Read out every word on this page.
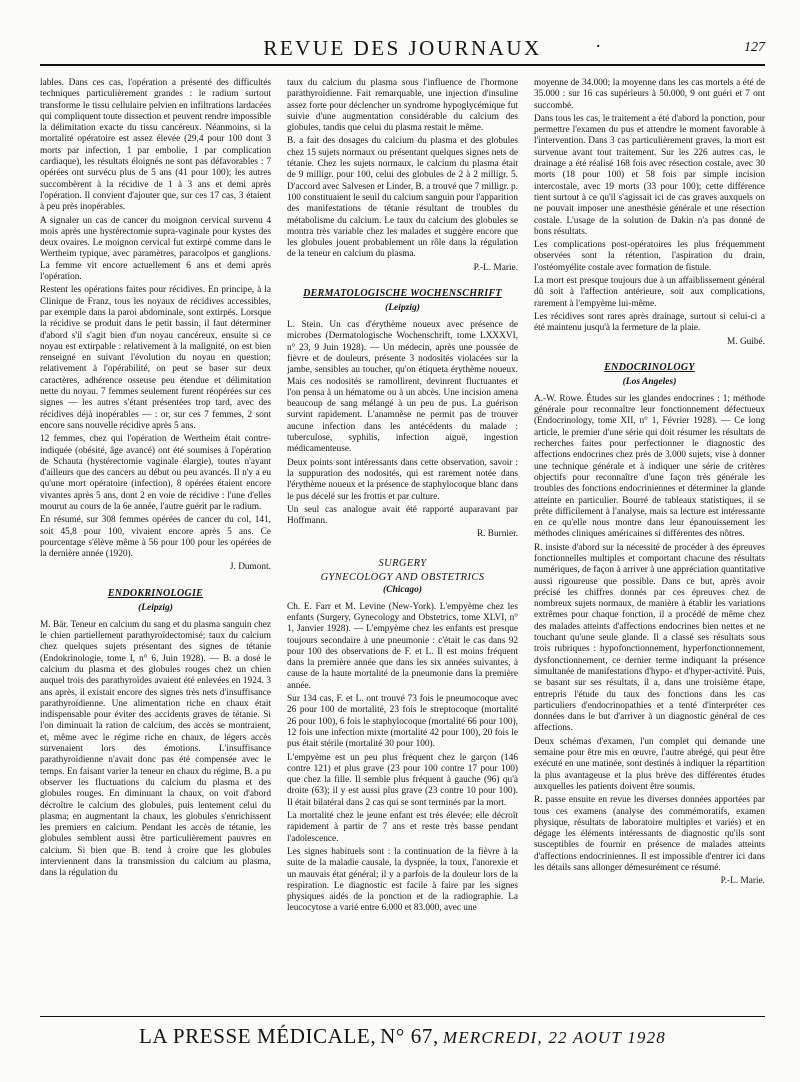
REVUE DES JOURNAUX	·	127

lables. Dans ces cas, l'opération a présenté des difficultés techniques particulièrement grandes : le radium surtout transforme le tissu cellulaire pelvien en infiltrations lardacées qui compliquent toute dissection et peuvent rendre impossible la délimitation exacte du tissu cancéreux. Néanmoins, si la mortalité opératoire est assez élevée (29,4 pour 100 dont 3 morts par infection, 1 par embolie, 1 par complication cardiaque), les résultats éloignés ne sont pas défavorables : 7 opérées ont survécu plus de 5 ans (41 pour 100); les autres succombèrent à la récidive de 1 à 3 ans et demi après l'opération. Il convient d'ajouter que, sur ces 17 cas, 3 étaient à peu près inopérables.

A signaler un cas de cancer du moignon cervical survenu 4 mois après une hystérectomie supra-vaginale pour kystes des deux ovaires. Le moignon cervical fut extirpé comme dans le Wertheim typique, avec paramètres, paracolpos et ganglions. La femme vit encore actuellement 6 ans et demi après l'opération.

Restent les opérations faites pour récidives. En principe, à la Clinique de Franz, tous les noyaux de récidives accessibles, par exemple dans la paroi abdominale, sont extirpés. Lorsque la récidive se produit dans le petit bassin, il faut déterminer d'abord s'il s'agit bien d'un noyau cancéreux, ensuite si ce noyau est extirpable : relativement à la malignité, on est bien renseigné en suivant l'évolution du noyau en question; relativement à l'opérabilité, on peut se baser sur deux caractères, adhérence osseuse peu étendue et délimitation nette du noyau. 7 femmes seulement furent réopérées sur ces signes — les autres s'étant présentées trop tard, avec des récidives déjà inopérables — : or, sur ces 7 femmes, 2 sont encore sans nouvelle récidive après 5 ans.

12 femmes, chez qui l'opération de Wertheim était contre-indiquée (obésité, âge avancé) ont été soumises à l'opération de Schauta (hystérectomie vaginale élargie), toutes n'ayant d'ailleurs que des cancers au début ou peu avancés. Il n'y a eu qu'une mort opératoire (infection), 8 opérées étaient encore vivantes après 5 ans, dont 2 en voie de récidive : l'une d'elles mourut au cours de la 6e année, l'autre guérit par le radium.

En résumé, sur 308 femmes opérées de cancer du col, 141, soit 45,8 pour 100, vivaient encore après 5 ans. Ce pourcentage s'élève même à 56 pour 100 pour les opérées de la dernière année (1920).

J. Dumont.
ENDOKRINOLOGIE
(Leipzig)

M. Bär. Teneur en calcium du sang et du plasma sanguin chez le chien partiellement parathyroïdectomisé; taux du calcium chez quelques sujets présentant des signes de tétanie (Endokrinologie, tome I, n° 6, Juin 1928). — B. a dosé le calcium du plasma et des globules rouges chez un chien auquel trois des parathyroïdes avaient été enlevées en 1924. 3 ans après, il existait encore des signes très nets d'insuffisance parathyroïdienne. Une alimentation riche en chaux était indispensable pour éviter des accidents graves de tétanie. Si l'on diminuait la ration de calcium, des accès se montraient, et, même avec le régime riche en chaux, de légers accès survenaient lors des émotions. L'insuffisance parathyroïdienne n'avait donc pas été compensée avec le temps. En faisant varier la teneur en chaux du régime, B. a pu observer les fluctuations du calcium du plasma et des globules rouges. En diminuant la chaux, on voit d'abord décroître le calcium des globules, puis lentement celui du plasma; en augmentant la chaux, les globules s'enrichissent les premiers en calcium. Pendant les accès de tétanie, les globules semblent aussi être particulièrement pauvres en calcium. Si bien que B. tend à croire que les globules interviennent dans la transmission du calcium au plasma, dans la régulation du

taux du calcium du plasma sous l'influence de l'hormone parathyroïdienne. Fait remarquable, une injection d'insuline assez forte pour déclencher un syndrome hypoglycémique fut suivie d'une augmentation considérable du calcium des globules, tandis que celui du plasma restait le même.

B. a fait des dosages du calcium du plasma et des globules chez 15 sujets normaux ou présentant quelques signes nets de tétanie. Chez les sujets normaux, le calcium du plasma était de 9 milligr. pour 100, celui des globules de 2 à 2 milligr. 5. D'accord avec Salvesen et Linder, B. a trouvé que 7 milligr. p. 100 constituaient le seuil du calcium sanguin pour l'apparition des manifestations de tétanie résultant de troubles du métabolisme du calcium. Le taux du calcium des globules se montra très variable chez les malades et suggère encore que les globules jouent probablement un rôle dans la régulation de la teneur en calcium du plasma.

P.-L. Marie.
DERMATOLOGISCHE WOCHENSCHRIFT
(Leipzig)

L. Stein. Un cas d'érythème noueux avec présence de microbes (Dermatologische Wochenschrift, tome LXXXVI, n° 23, 9 Juin 1928). — Un médecin, après une poussée de fièvre et de douleurs, présente 3 nodosités violacées sur la jambe, sensibles au toucher, qu'on étiqueta érythème noueux. Mais ces nodosités se ramollirent, devinrent fluctuantes et l'on pensa à un hématome ou à un abcès. Une incision amena beaucoup de sang mélangé à un peu de pus. La guérison survint rapidement. L'anamnèse ne permit pas de trouver aucune infection dans les antécédents du malade : tuberculose, syphilis, infection aiguë, ingestion médicamenteuse.

Deux points sont intéressants dans cette observation, savoir : la suppuration des nodosités, qui est rarement notée dans l'érythème noueux et la présence de staphylocoque blanc dans le pus décelé sur les frottis et par culture.

Un seul cas analogue avait été rapporté auparavant par Hoffmann.

R. Burnier.
SURGERY
GYNECOLOGY AND OBSTETRICS
(Chicago)

Ch. E. Farr et M. Levine (New-York). L'empyème chez les enfants (Surgery, Gynecology and Obstetrics, tome XLVI, n° 1, Janvier 1928). — L'empyème chez les enfants est presque toujours secondaire à une pneumonie : c'était le cas dans 92 pour 100 des observations de F. et L. Il est moins fréquent dans la première année que dans les six années suivantes, à cause de la haute mortalité de la pneumonie dans la première année.

Sur 134 cas, F. et L. ont trouvé 73 fois le pneumocoque avec 26 pour 100 de mortalité, 23 fois le streptocoque (mortalité 26 pour 100), 6 fois le staphylocoque (mortalité 66 pour 100), 12 fois une infection mixte (mortalité 42 pour 100), 20 fois le pus était stérile (mortalité 30 pour 100).

L'empyème est un peu plus fréquent chez le garçon (146 contre 121) et plus grave (23 pour 100 contre 17 pour 100) que chez la fille. Il semble plus fréquent à gauche (96) qu'à droite (63); il y est aussi plus grave (23 contre 10 pour 100). Il était bilatéral dans 2 cas qui se sont terminés par la mort.

La mortalité chez le jeune enfant est très élevée; elle décroît rapidement à partir de 7 ans et reste très basse pendant l'adolescence.

Les signes habituels sont : la continuation de la fièvre à la suite de la maladie causale, la dyspnée, la toux, l'anorexie et un mauvais état général; il y a parfois de la douleur lors de la respiration. Le diagnostic est facile à faire par les signes physiques aidés de la ponction et de la radiographie. La leucocytose a varié entre 6.000 et 83.000, avec une

moyenne de 34.000; la moyenne dans les cas mortels a été de 35.000 : sur 16 cas supérieurs à 50.000, 9 ont guéri et 7 ont succombé.

Dans tous les cas, le traitement a été d'abord la ponction, pour permettre l'examen du pus et attendre le moment favorable à l'intervention. Dans 3 cas particulièrement graves, la mort est survenue avant tout traitement. Sur les 226 autres cas, le drainage a été réalisé 168 fois avec résection costale, avec 30 morts (18 pour 100) et 58 fois par simple incision intercostale, avec 19 morts (33 pour 100); cette différence tient surtout à ce qu'il s'agissait ici de cas graves auxquels on ne pouvait imposer une anesthésie générale et une résection costale. L'usage de la solution de Dakin n'a pas donné de bons résultats.

Les complications post-opératoires les plus fréquemment observées sont la rétention, l'aspiration du drain, l'ostéomyélite costale avec formation de fistule.

La mort est presque toujours due à un affaiblissement général dû soit à l'affection antérieure, soit aux complications, rarement à l'empyème lui-même.

Les récidives sont rares après drainage, surtout si celui-ci a été maintenu jusqu'à la fermeture de la plaie.

M. Guibé.
ENDOCRINOLOGY
(Los Angeles)

A.-W. Rowe. Études sur les glandes endocrines : 1; méthode générale pour reconnaître leur fonctionnement défectueux (Endocrinology, tome XII, n° 1, Février 1928). — Ce long article, le premier d'une série qui doit résumer les résultats de recherches faites pour perfectionner le diagnostic des affections endocrines chez près de 3.000 sujets, vise à donner une technique générale et à indiquer une série de critères objectifs pour reconnaître d'une façon très générale les troubles des fonctions endocriniennes et déterminer la glande atteinte en particulier. Bourré de tableaux statistiques, il se prête difficilement à l'analyse, mais sa lecture est intéressante en ce qu'elle nous montre dans leur épanouissement les méthodes cliniques américaines si différentes des nôtres.

R. insiste d'abord sur la nécessité de procéder à des épreuves fonctionnelles multiples et comportant chacune des résultats numériques, de façon à arriver à une appréciation quantitative aussi rigoureuse que possible. Dans ce but, après avoir précisé les chiffres donnés par ces épreuves chez de nombreux sujets normaux, de manière à établir les variations extrêmes pour chaque fonction, il a procédé de même chez des malades atteints d'affections endocrines bien nettes et ne touchant qu'une seule glande. Il a classé ses résultats sous trois rubriques : hypofonctionnement, hyperfonctionnement, dysfonctionnement, ce dernier terme indiquant la présence simultanée de manifestations d'hypo- et d'hyper-activité. Puis, se basant sur ses résultats, il a, dans une troisième étape, entrepris l'étude du taux des fonctions dans les cas particuliers d'endocrinopathies et a tenté d'interpréter ces données dans le but d'arriver à un diagnostic général de ces affections.

Deux schémas d'examen, l'un complet qui demande une semaine pour être mis en œuvre, l'autre abrégé, qui peut être exécuté en une matinée, sont destinés à indiquer la répartition la plus avantageuse et la plus brève des différentes études auxquelles les patients doivent être soumis.

R. passe ensuite en revue les diverses données apportées par tous ces examens (analyse des commémoratifs, examen physique, résultats de laboratoire multiples et variés) et en dégage les éléments intéressants de diagnostic qu'ils sont susceptibles de fournir en présence de malades atteints d'affections endocriniennes. Il est impossible d'entrer ici dans les détails sans allonger démesurément ce résumé.

P.-L. Marie.
LA PRESSE MÉDICALE, N° 67, MERCREDI, 22 AOUT 1928
